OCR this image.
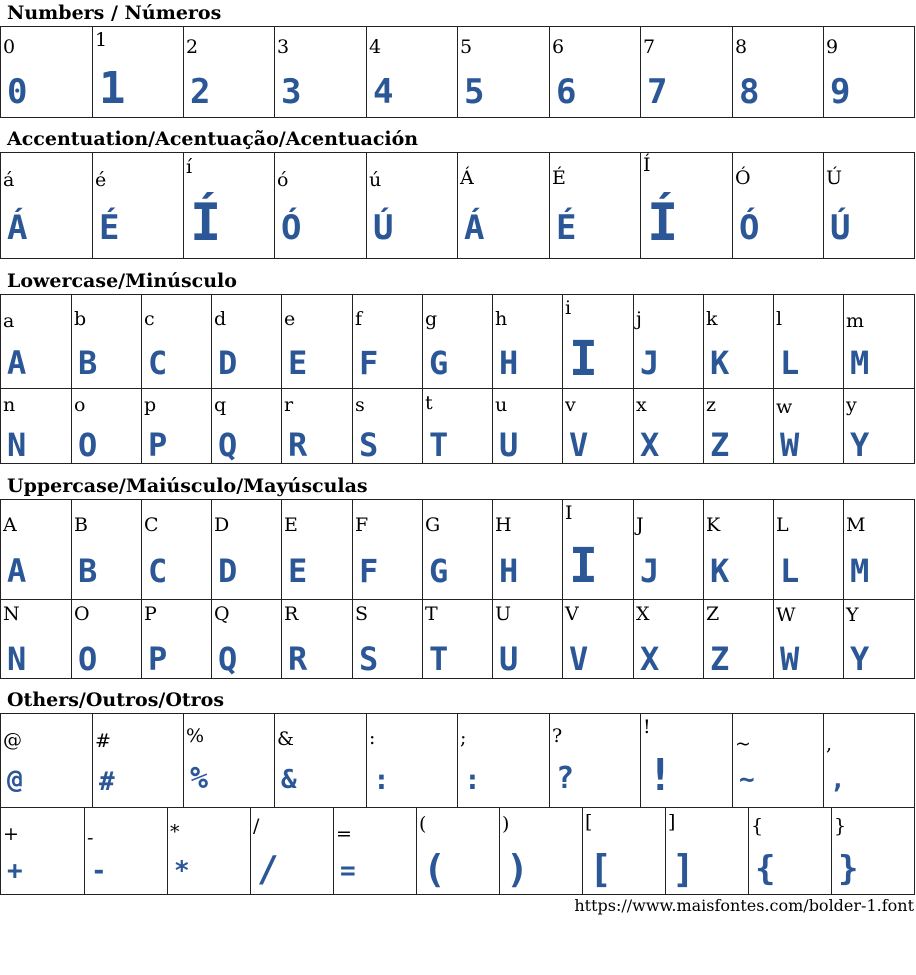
Numbers / Números
Accentuation/Acentuação/Acentuación
Lowercase/Minúsculo
Uppercase/Maiúsculo/Mayúsculas
Others/Outros/Otros
0
0
1
1
2
2
3
3
4
4
5
5
6
6
7
7
8
8
9
9
á
Á
é
É
í
Í
ó
Ó
ú
Ú
Á
Á
É
É
Í
Í
Ó
Ó
Ú
Ú
a
A
b
B
c
C
d
D
e
E
f
F
g
G
h
H
i
I
j
J
k
K
l
L
m
M
n
N
o
O
p
P
q
Q
r
R
s
S
t
T
u
U
v
V
x
X
z
Z
w
W
y
Y
A
A
B
B
C
C
D
D
E
E
F
F
G
G
H
H
I
I
J
J
K
K
L
L
M
M
N
N
O
O
P
P
Q
Q
R
R
S
S
T
T
U
U
V
V
X
X
Z
Z
W
W
Y
Y
@
@
#
#
%
%
&
&
:
:
;
:
?
?
!
!
~
~
,
,
+
+
-
-
*
*
/
/
=
=
(
(
)
)
[
[
]
]
{
{
}
}
https://www.maisfontes.com/bolder-1.font
